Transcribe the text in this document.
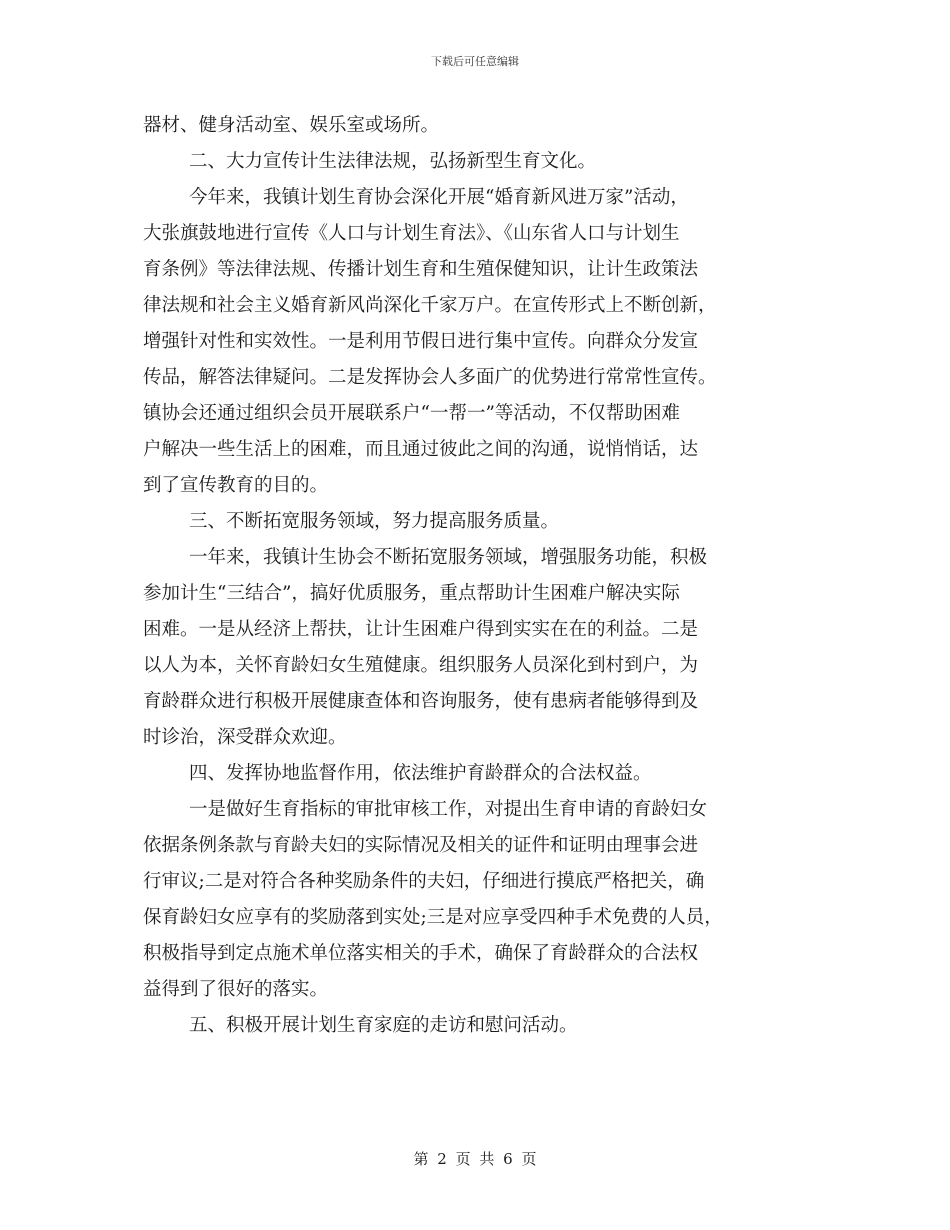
下载后可任意编辑
器材、健身活动室、娱乐室或场所。
二、大力宣传计生法律法规，弘扬新型生育文化。
今年来，我镇计划生育协会深化开展“婚育新风进万家”活动，
大张旗鼓地进行宣传《人口与计划生育法》、《山东省人口与计划生
育条例》等法律法规、传播计划生育和生殖保健知识，让计生政策法
律法规和社会主义婚育新风尚深化千家万户。在宣传形式上不断创新，
增强针对性和实效性。一是利用节假日进行集中宣传。向群众分发宣
传品，解答法律疑问。二是发挥协会人多面广的优势进行常常性宣传。
镇协会还通过组织会员开展联系户“一帮一”等活动，不仅帮助困难
户解决一些生活上的困难，而且通过彼此之间的沟通，说悄悄话，达
到了宣传教育的目的。
三、不断拓宽服务领域，努力提高服务质量。
一年来，我镇计生协会不断拓宽服务领域，增强服务功能，积极
参加计生“三结合”，搞好优质服务，重点帮助计生困难户解决实际
困难。一是从经济上帮扶，让计生困难户得到实实在在的利益。二是
以人为本，关怀育龄妇女生殖健康。组织服务人员深化到村到户，为
育龄群众进行积极开展健康查体和咨询服务，使有患病者能够得到及
时诊治，深受群众欢迎。
四、发挥协地监督作用，依法维护育龄群众的合法权益。
一是做好生育指标的审批审核工作，对提出生育申请的育龄妇女
依据条例条款与育龄夫妇的实际情况及相关的证件和证明由理事会进
行审议;二是对符合各种奖励条件的夫妇，仔细进行摸底严格把关，确
保育龄妇女应享有的奖励落到实处;三是对应享受四种手术免费的人员，
积极指导到定点施术单位落实相关的手术，确保了育龄群众的合法权
益得到了很好的落实。
五、积极开展计划生育家庭的走访和慰问活动。
第 2 页 共 6 页
